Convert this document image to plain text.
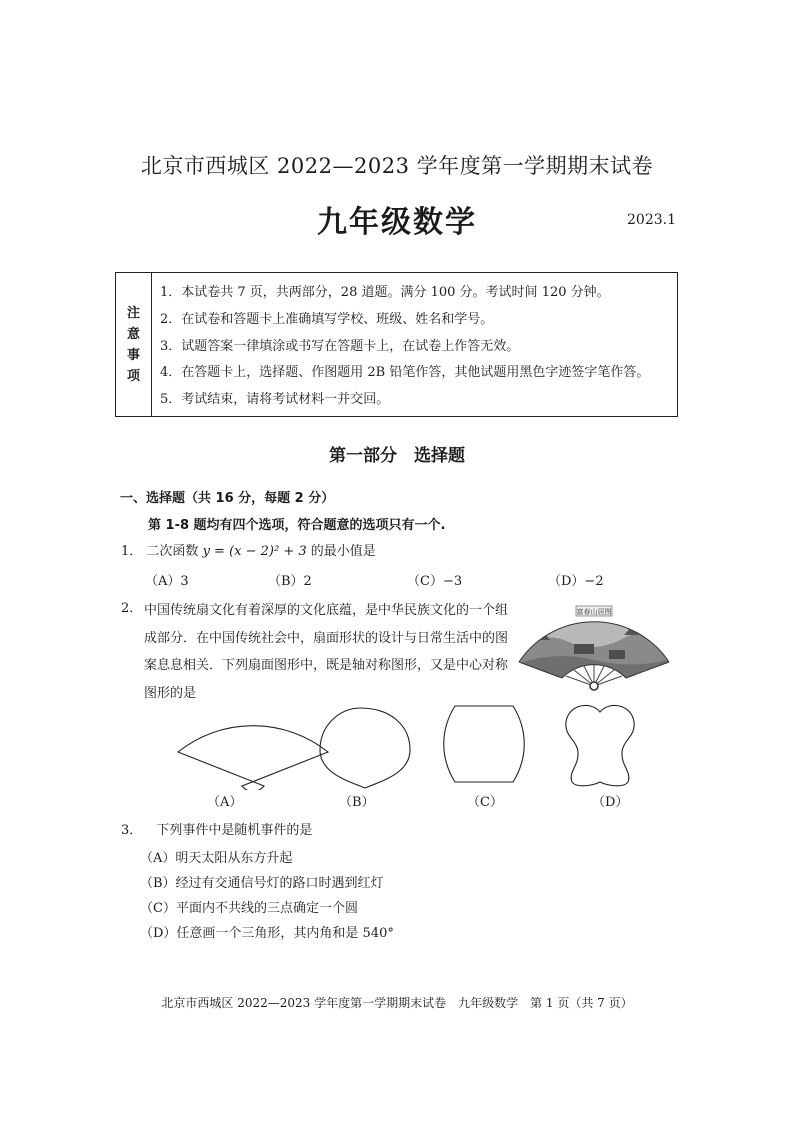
北京市西城区 2022—2023 学年度第一学期期末试卷
九年级数学	2023.1
注
意
事
项
1．本试卷共 7 页，共两部分，28 道题。满分 100 分。考试时间 120 分钟。
2．在试卷和答题卡上准确填写学校、班级、姓名和学号。
3．试题答案一律填涂或书写在答题卡上，在试卷上作答无效。
4．在答题卡上，选择题、作图题用 2B 铅笔作答，其他试题用黑色字迹签字笔作答。
5．考试结束，请将考试材料一并交回。
第一部分　选择题
一、选择题（共 16 分，每题 2 分）
第 1-8 题均有四个选项，符合题意的选项只有一个.
1． 二次函数 y = (x − 2)² + 3 的最小值是
（A）3	（B）2	（C）−3	（D）−2
2． 中国传统扇文化有着深厚的文化底蕴，是中华民族文化的一个组成部分．在中国传统社会中，扇面形状的设计与日常生活中的图案息息相关．下列扇面图形中，既是轴对称图形，又是中心对称图形的是
富春山居图
（A）	（B）	（C）	（D）
3． 下列事件中是随机事件的是
（A）明天太阳从东方升起
（B）经过有交通信号灯的路口时遇到红灯
（C）平面内不共线的三点确定一个圆
（D）任意画一个三角形，其内角和是 540°
北京市西城区 2022—2023 学年度第一学期期末试卷　九年级数学　第 1 页（共 7 页）
